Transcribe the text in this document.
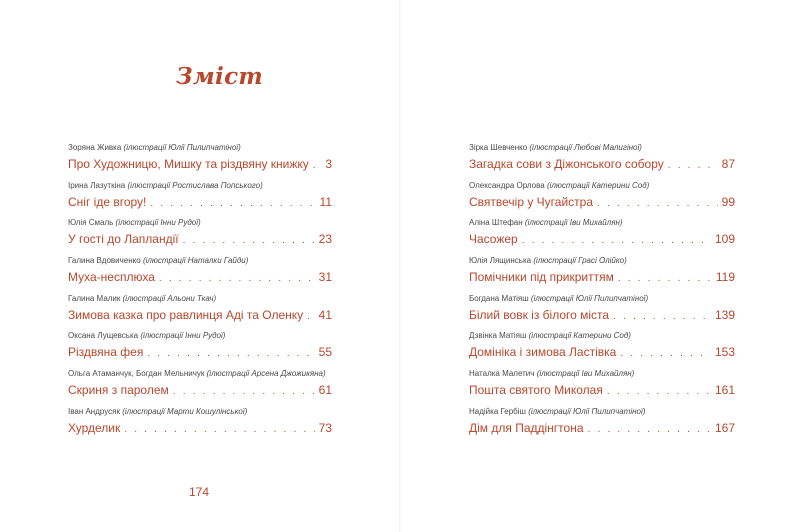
Зміст
Зоряна Живка (ілюстрації Юлії Пилипчатіної)
Про Художницю, Мишку та різдвяну книжку . . . 3
Ірина Лазуткіна (ілюстрації Ростислава Попського)
Сніг іде вгору! . . .	11
Юлія Смаль (ілюстрації Інни Рудої)
У гості до Лапландії . . .	23
Галина Вдовиченко (ілюстрації Наталки Гайди)
Муха-несплюха . . .	31
Галина Малик (ілюстрації Альони Ткач)
Зимова казка про равлинця Аді та Оленку . . . 41
Оксана Лущевська (ілюстрації Інни Рудої)
Різдвяна фея . . .	55
Ольга Атаманчук, Богдан Мельничук (ілюстрації Арсена Джожикяна)
Скриня з паролем . . .	61
Іван Андрусяк (ілюстрації Марти Кошулінської)
Хурделик . . .	73
174
Зірка Шевченко (ілюстрації Любові Малигіної)
Загадка сови з Діжонського собору . . .	87
Олександра Орлова (ілюстрації Катерини Сод)
Святвечір у Чугайстра . . .	99
Аліна Штефан (ілюстрації Іви Михайлян)
Часожер . . .	109
Юлія Лящинська (ілюстрації Грасі Олійко)
Помічники під прикриттям . . .	119
Богдана Матіяш (ілюстрації Юлії Пилипчатіної)
Білий вовк із білого міста . . .	139
Дзвінка Матіяш (ілюстрації Катерини Сод)
Домініка і зимова Ластівка . . .	153
Наталка Малетич (ілюстрації Іви Михайлян)
Пошта святого Миколая . . .	161
Надійка Гербіш (ілюстрації Юлії Пилипчатіної)
Дім для Паддінгтона . . .	167
